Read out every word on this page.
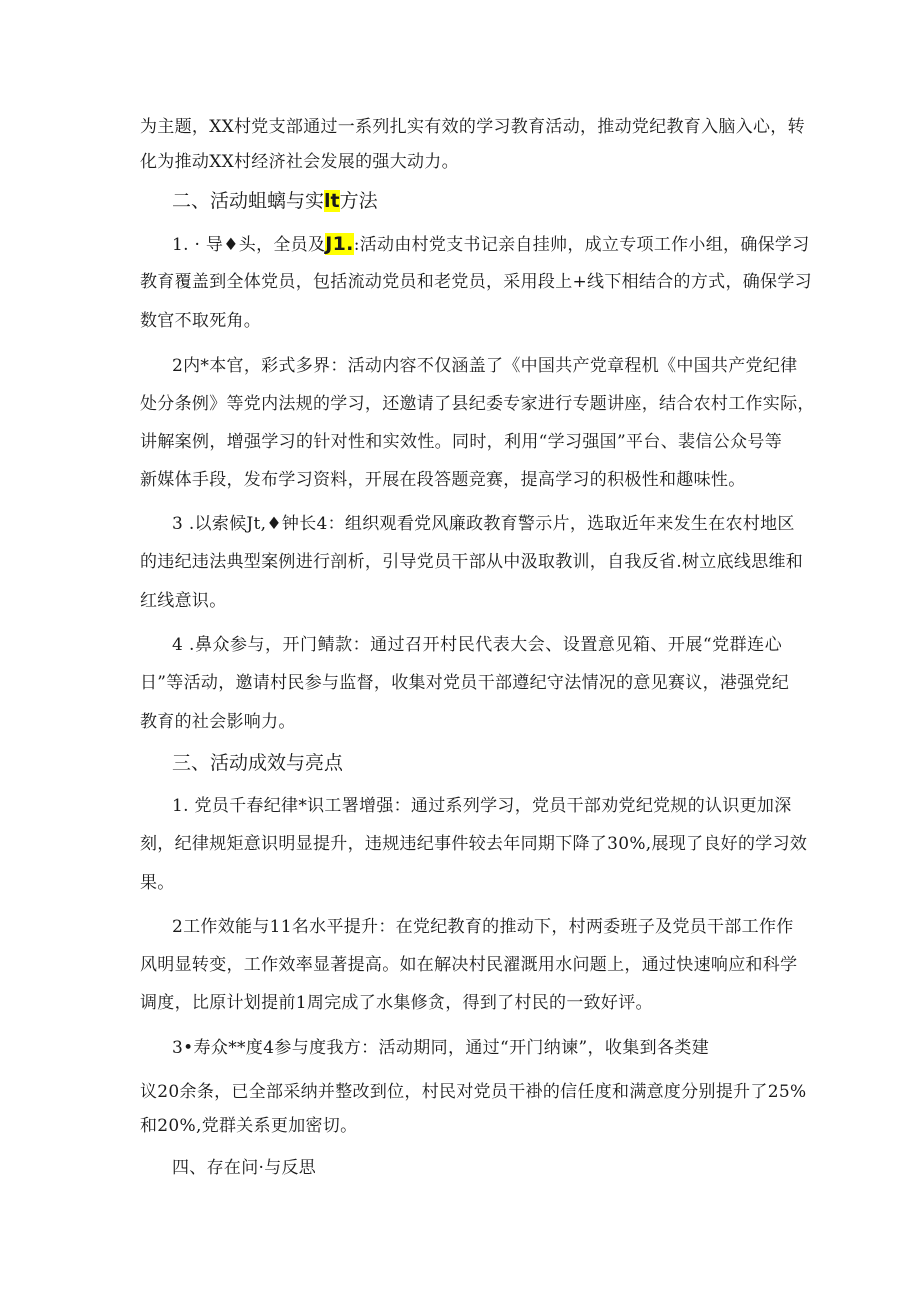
为主题，XX村党支部通过一系列扎实有效的学习教育活动，推动党纪教育入脑入心，转
化为推动XX村经济社会发展的强大动力。
二、活动蛆螭与实lt方法
1. · 导♦头，全员及J1.:活动由村党支书记亲自挂帅，成立专项工作小组，确保学习
教育覆盖到全体党员，包括流动党员和老党员，采用段上+线下相结合的方式，确保学习
数官不取死角。
2内*本官，彩式多界：活动内容不仅涵盖了《中国共产党章程机《中国共产党纪律
处分条例》等党内法规的学习，还邀请了县纪委专家进行专题讲座，结合农村工作实际，
讲解案例，增强学习的针对性和实效性。同时，利用“学习强国”平台、裴信公众号等
新媒体手段，发布学习资料，开展在段答题竞赛，提高学习的积极性和趣味性。
3 .以索候Jt,♦钟长4：组织观看党风廉政教育警示片，选取近年来发生在农村地区
的违纪违法典型案例进行剖析，引导党员干部从中汲取教训，自我反省.树立底线思维和
红线意识。
4 .鼻众参与，开门鲭款：通过召开村民代表大会、设置意见箱、开展“党群连心
日”等活动，邀请村民参与监督，收集对党员干部遵纪守法情况的意见赛议，港强党纪
教育的社会影响力。
三、活动成效与亮点
1. 党员千春纪律*识工署增强：通过系列学习，党员干部劝党纪党规的认识更加深
刻，纪律规矩意识明显提升，违规违纪事件较去年同期下降了30%,展现了良好的学习效
果。
2工作效能与11名水平提升：在党纪教育的推动下，村两委班子及党员干部工作作
风明显转变，工作效率显著提高。如在解决村民濯溉用水问题上，通过快速响应和科学
调度，比原计划提前1周完成了水集修贪，得到了村民的一致好评。
3•寿众**度4参与度我方：活动期同，通过“开门纳谏”，收集到各类建
议20余条，已全部采纳并整改到位，村民对党员干褂的信任度和满意度分别提升了25%
和20%,党群关系更加密切。
四、存在问·与反思
